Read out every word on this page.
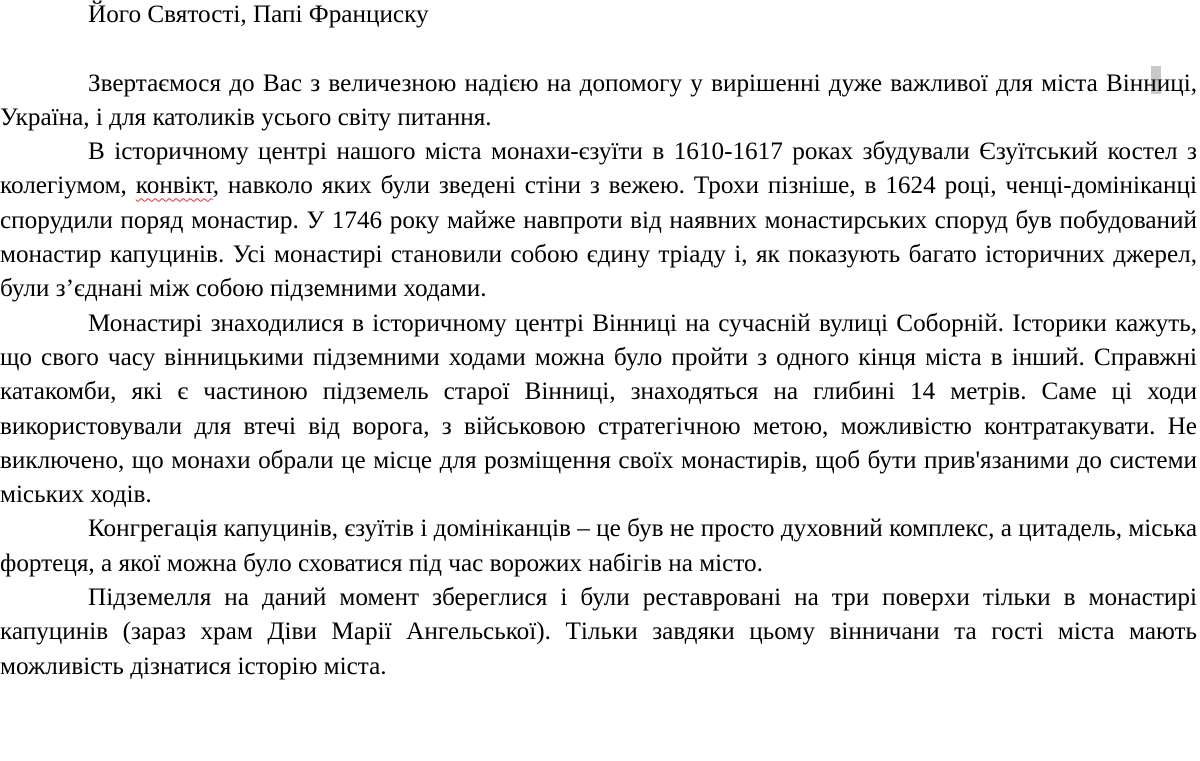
Його Святості, Папі Франциску

Звертаємося до Вас з величезною надією на допомогу у вирішенні дуже важливої для міста Вінниці, Україна, і для католиків усього світу питання.

В історичному центрі нашого міста монахи-єзуїти в 1610-1617 роках збудували Єзуїтський костел з колегіумом, конвікт, навколо яких були зведені стіни з вежею. Трохи пізніше, в 1624 році, ченці-домініканці спорудили поряд монастир. У 1746 року майже навпроти від наявних монастирських споруд був побудований монастир капуцинів. Усі монастирі становили собою єдину тріаду і, як показують багато історичних джерел, були з’єднані між собою підземними ходами.

Монастирі знаходилися в історичному центрі Вінниці на сучасній вулиці Соборній. Історики кажуть, що свого часу вінницькими підземними ходами можна було пройти з одного кінця міста в інший. Справжні катакомби, які є частиною підземель старої Вінниці, знаходяться на глибині 14 метрів. Саме ці ходи використовували для втечі від ворога, з військовою стратегічною метою, можливістю контратакувати. Не виключено, що монахи обрали це місце для розміщення своїх монастирів, щоб бути прив'язаними до системи міських ходів.

Конгрегація капуцинів, єзуїтів і домініканців – це був не просто духовний комплекс, а цитадель, міська фортеця, а якої можна було сховатися під час ворожих набігів на місто.

Підземелля на даний момент збереглися і були реставровані на три поверхи тільки в монастирі капуцинів (зараз храм Діви Марії Ангельської). Тільки завдяки цьому вінничани та гості міста мають можливість дізнатися історію міста.
